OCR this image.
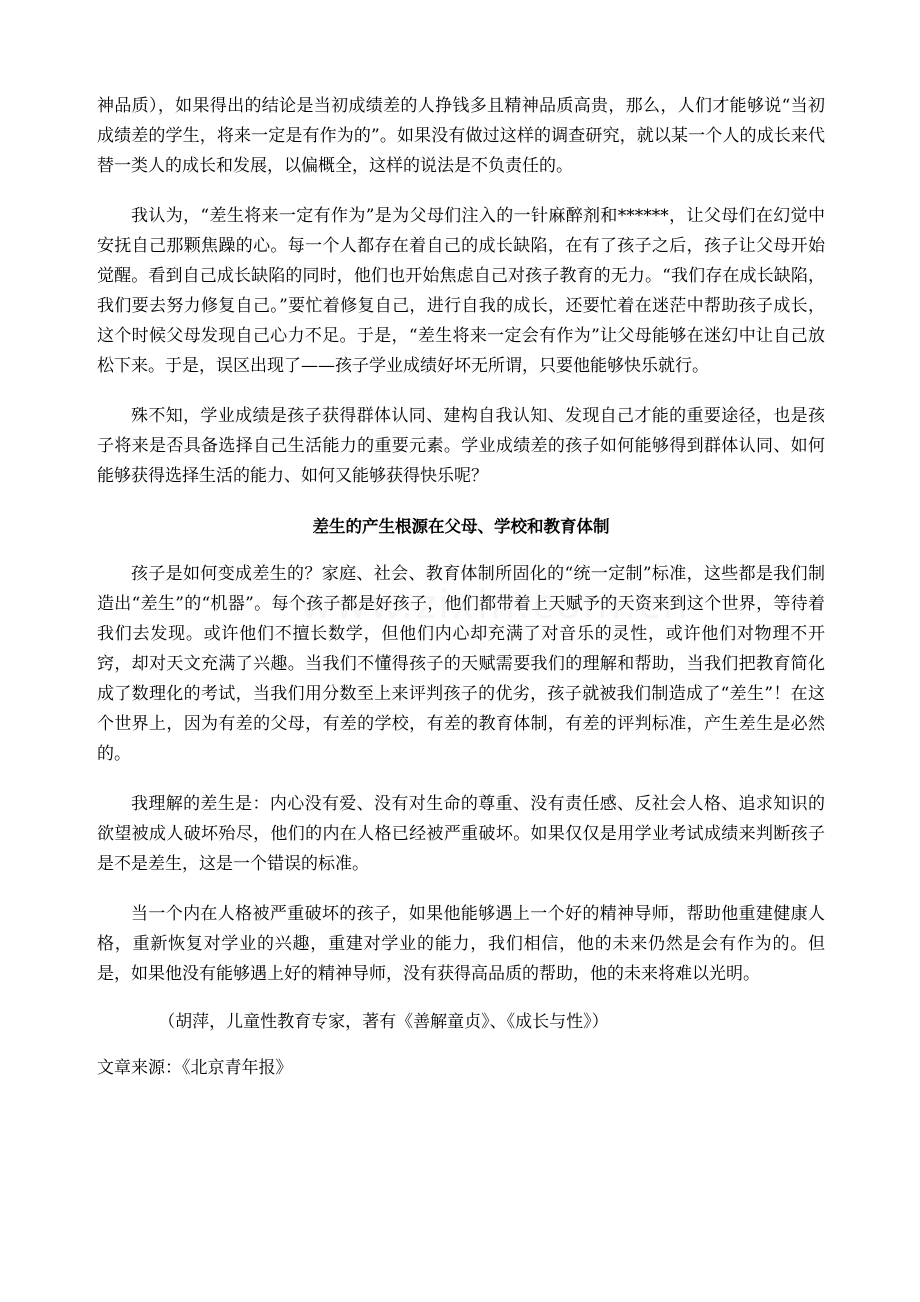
神品质），如果得出的结论是当初成绩差的人挣钱多且精神品质高贵，那么，人们才能够说“当初成绩差的学生，将来一定是有作为的”。如果没有做过这样的调查研究，就以某一个人的成长来代替一类人的成长和发展，以偏概全，这样的说法是不负责任的。

我认为，“差生将来一定有作为”是为父母们注入的一针麻醉剂和******，让父母们在幻觉中安抚自己那颗焦躁的心。每一个人都存在着自己的成长缺陷，在有了孩子之后，孩子让父母开始觉醒。看到自己成长缺陷的同时，他们也开始焦虑自己对孩子教育的无力。“我们存在成长缺陷，我们要去努力修复自己。”要忙着修复自己，进行自我的成长，还要忙着在迷茫中帮助孩子成长，这个时候父母发现自己心力不足。于是，“差生将来一定会有作为”让父母能够在迷幻中让自己放松下来。于是，误区出现了——孩子学业成绩好坏无所谓，只要他能够快乐就行。

殊不知，学业成绩是孩子获得群体认同、建构自我认知、发现自己才能的重要途径，也是孩子将来是否具备选择自己生活能力的重要元素。学业成绩差的孩子如何能够得到群体认同、如何能够获得选择生活的能力、如何又能够获得快乐呢？

差生的产生根源在父母、学校和教育体制

孩子是如何变成差生的？家庭、社会、教育体制所固化的“统一定制”标准，这些都是我们制造出“差生”的“机器”。每个孩子都是好孩子，他们都带着上天赋予的天资来到这个世界，等待着我们去发现。或许他们不擅长数学，但他们内心却充满了对音乐的灵性，或许他们对物理不开窍，却对天文充满了兴趣。当我们不懂得孩子的天赋需要我们的理解和帮助，当我们把教育简化成了数理化的考试，当我们用分数至上来评判孩子的优劣，孩子就被我们制造成了“差生”！在这个世界上，因为有差的父母，有差的学校，有差的教育体制，有差的评判标准，产生差生是必然的。

我理解的差生是：内心没有爱、没有对生命的尊重、没有责任感、反社会人格、追求知识的欲望被成人破坏殆尽，他们的内在人格已经被严重破坏。如果仅仅是用学业考试成绩来判断孩子是不是差生，这是一个错误的标准。

当一个内在人格被严重破坏的孩子，如果他能够遇上一个好的精神导师，帮助他重建健康人格，重新恢复对学业的兴趣，重建对学业的能力，我们相信，他的未来仍然是会有作为的。但是，如果他没有能够遇上好的精神导师，没有获得高品质的帮助，他的未来将难以光明。

（胡萍，儿童性教育专家，著有《善解童贞》、《成长与性》）

文章来源：《北京青年报》
